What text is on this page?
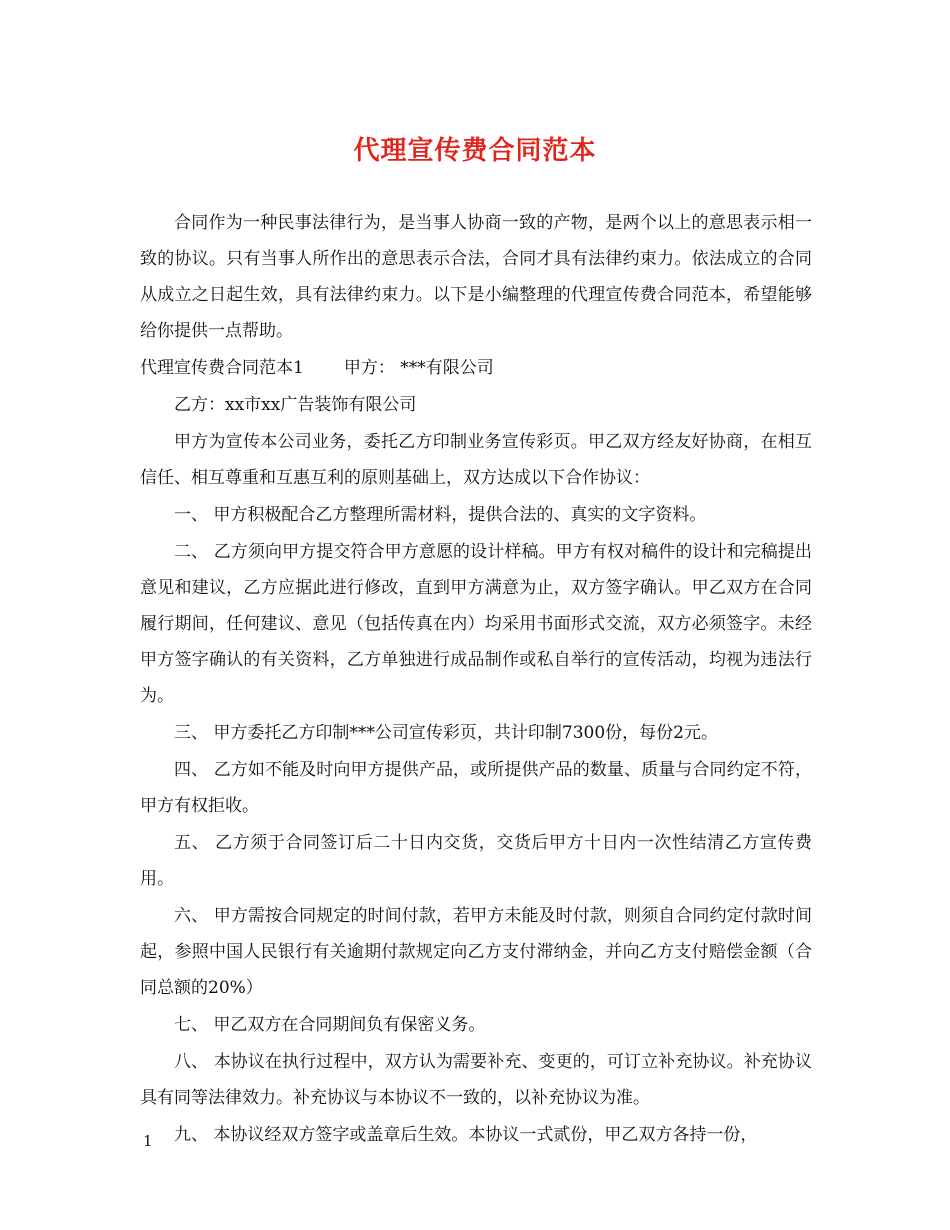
代理宣传费合同范本

合同作为一种民事法律行为，是当事人协商一致的产物，是两个以上的意思表示相一致的协议。只有当事人所作出的意思表示合法，合同才具有法律约束力。依法成立的合同从成立之日起生效，具有法律约束力。以下是小编整理的代理宣传费合同范本，希望能够给你提供一点帮助。

代理宣传费合同范本1 甲方： ***有限公司

乙方：xx市xx广告装饰有限公司

甲方为宣传本公司业务，委托乙方印制业务宣传彩页。甲乙双方经友好协商，在相互信任、相互尊重和互惠互利的原则基础上，双方达成以下合作协议：

一、 甲方积极配合乙方整理所需材料，提供合法的、真实的文字资料。

二、 乙方须向甲方提交符合甲方意愿的设计样稿。甲方有权对稿件的设计和完稿提出意见和建议，乙方应据此进行修改，直到甲方满意为止，双方签字确认。甲乙双方在合同履行期间，任何建议、意见（包括传真在内）均采用书面形式交流，双方必须签字。未经甲方签字确认的有关资料，乙方单独进行成品制作或私自举行的宣传活动，均视为违法行为。

三、 甲方委托乙方印制***公司宣传彩页，共计印制7300份，每份2元。

四、 乙方如不能及时向甲方提供产品，或所提供产品的数量、质量与合同约定不符，甲方有权拒收。

五、 乙方须于合同签订后二十日内交货，交货后甲方十日内一次性结清乙方宣传费用。

六、 甲方需按合同规定的时间付款，若甲方未能及时付款，则须自合同约定付款时间起，参照中国人民银行有关逾期付款规定向乙方支付滞纳金，并向乙方支付赔偿金额（合同总额的20%）

七、 甲乙双方在合同期间负有保密义务。

八、 本协议在执行过程中，双方认为需要补充、变更的，可订立补充协议。补充协议具有同等法律效力。补充协议与本协议不一致的，以补充协议为准。

九、 本协议经双方签字或盖章后生效。本协议一式贰份，甲乙双方各持一份，

1
